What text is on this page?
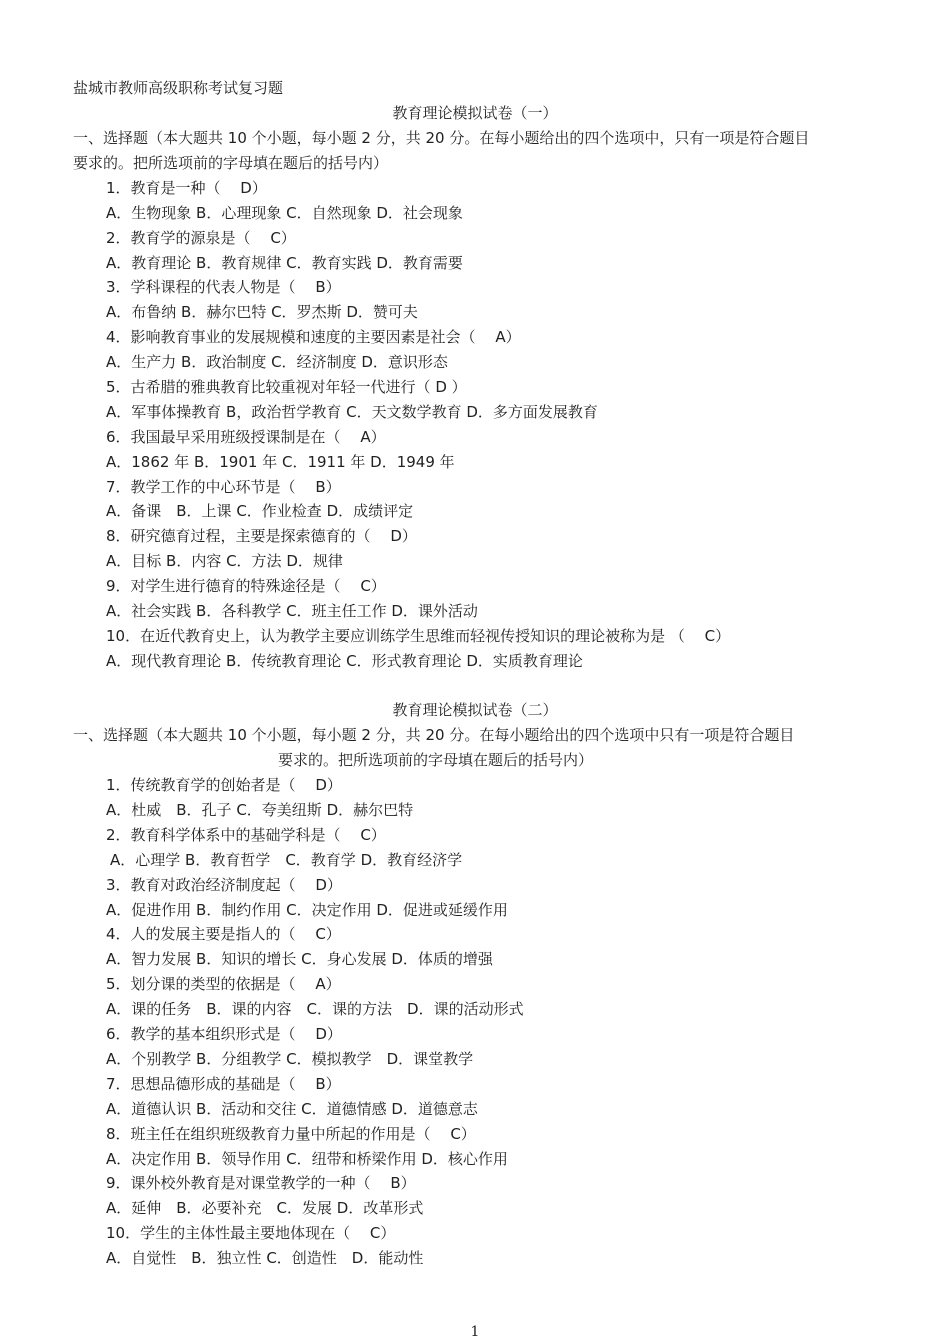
盐城市教师高级职称考试复习题
教育理论模拟试卷（一）
一、选择题（本大题共 10 个小题，每小题 2 分，共 20 分。在每小题给出的四个选项中，只有一项是符合题目
要求的。把所选项前的字母填在题后的括号内）
1．教育是一种（　 D）
A．生物现象 B．心理现象 C．自然现象 D．社会现象
2．教育学的源泉是（　 C）
A．教育理论 B．教育规律 C．教育实践 D．教育需要
3．学科课程的代表人物是（　 B）
A．布鲁纳 B．赫尔巴特 C．罗杰斯 D．赞可夫
4．影响教育事业的发展规模和速度的主要因素是社会（　 A）
A．生产力 B．政治制度 C．经济制度 D．意识形态
5．古希腊的雅典教育比较重视对年轻一代进行（ D ）
A．军事体操教育 B，政治哲学教育 C．天文数学教育 D．多方面发展教育
6．我国最早采用班级授课制是在（　 A）
A．1862 年 B．1901 年 C．1911 年 D．1949 年
7．教学工作的中心环节是（　 B）
A．备课　B．上课 C．作业检查 D．成绩评定
8．研究德育过程，主要是探索德育的（　 D）
A．目标 B．内容 C．方法 D．规律
9．对学生进行德育的特殊途径是（　 C）
A．社会实践 B．各科教学 C．班主任工作 D．课外活动
10．在近代教育史上，认为教学主要应训练学生思维而轻视传授知识的理论被称为是 （　 C）
A．现代教育理论 B．传统教育理论 C．形式教育理论 D．实质教育理论
教育理论模拟试卷（二）
一、选择题（本大题共 10 个小题，每小题 2 分，共 20 分。在每小题给出的四个选项中只有一项是符合题目
要求的。把所选项前的字母填在题后的括号内）
1．传统教育学的创始者是（　 D）
A．杜威　B．孔子 C．夸美纽斯 D．赫尔巴特
2．教育科学体系中的基础学科是（　 C）
A．心理学 B．教育哲学　C．教育学 D．教育经济学
3．教育对政治经济制度起（　 D）
A．促进作用 B．制约作用 C．决定作用 D．促进或延缓作用
4．人的发展主要是指人的（　 C）
A．智力发展 B．知识的增长 C．身心发展 D．体质的增强
5．划分课的类型的依据是（　 A）
A．课的任务　B．课的内容　C．课的方法　D．课的活动形式
6．教学的基本组织形式是（　 D）
A．个别教学 B．分组教学 C．模拟教学　D．课堂教学
7．思想品德形成的基础是（　 B）
A．道德认识 B．活动和交往 C．道德情感 D．道德意志
8．班主任在组织班级教育力量中所起的作用是（　 C）
A．决定作用 B．领导作用 C．纽带和桥梁作用 D．核心作用
9．课外校外教育是对课堂教学的一种（　 B）
A．延伸　B．必要补充　C．发展 D．改革形式
10．学生的主体性最主要地体现在（　 C）
A．自觉性　B．独立性 C．创造性　D．能动性
1
